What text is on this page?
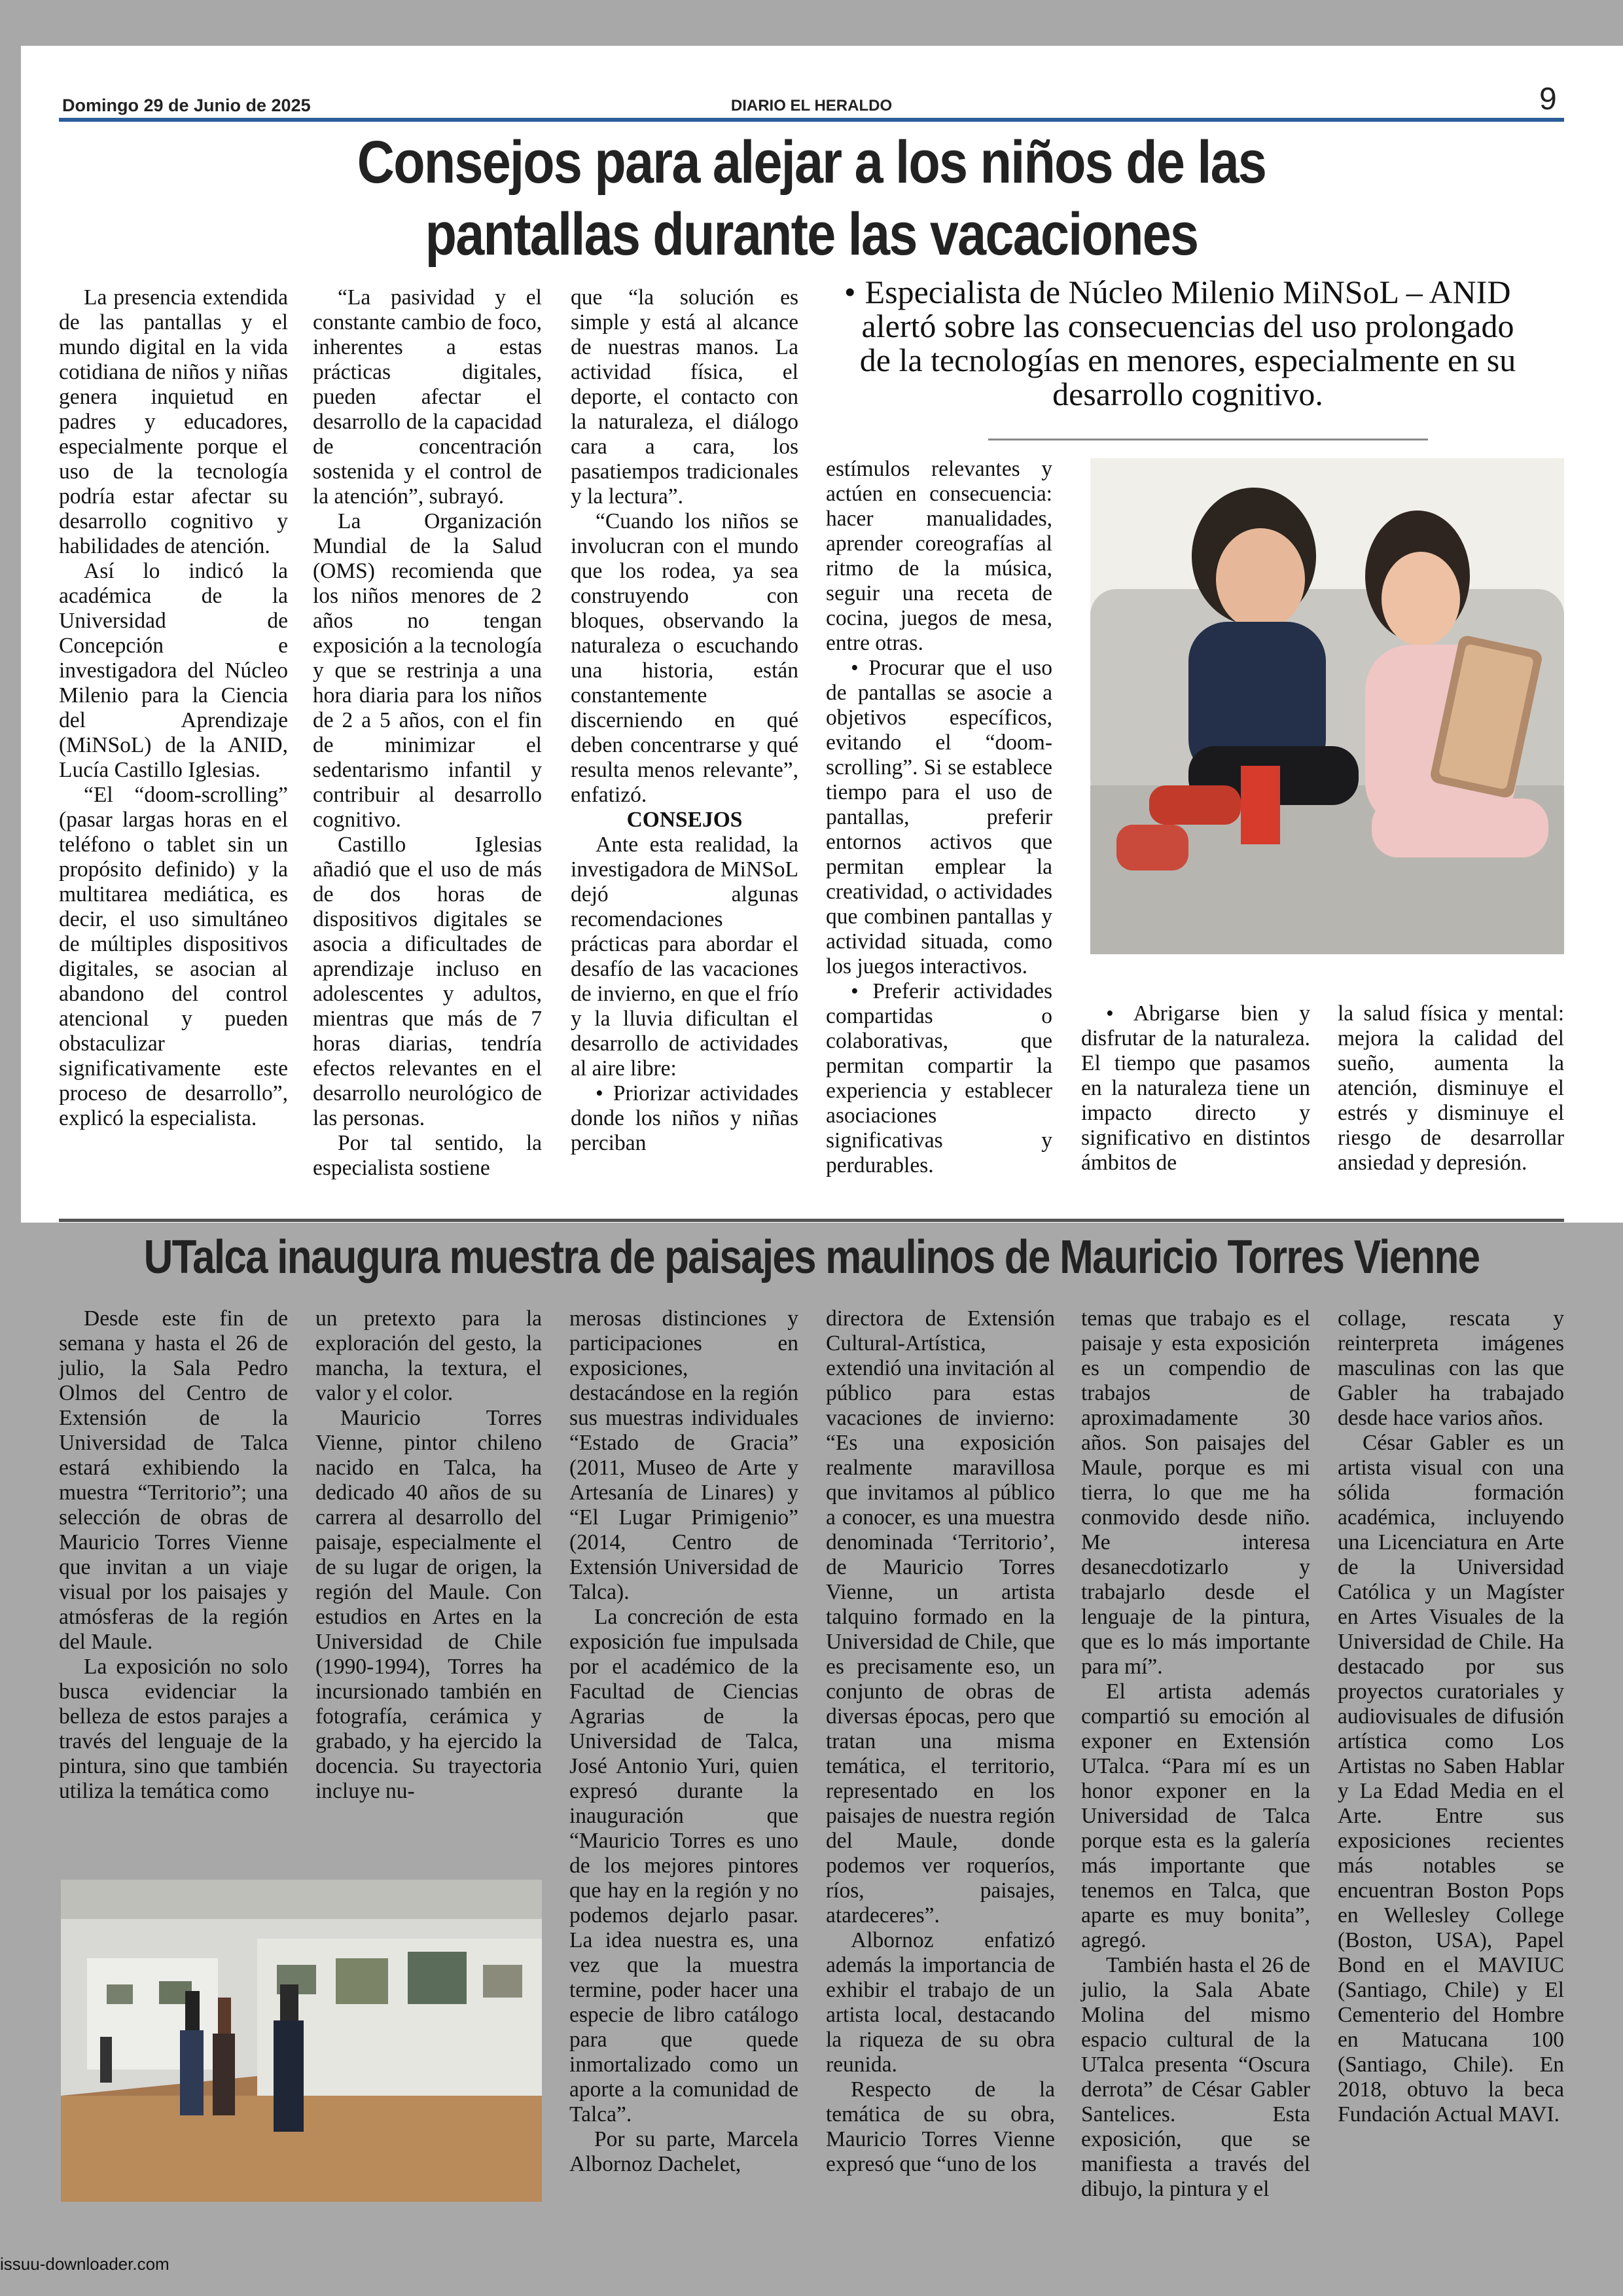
Domingo 29 de Junio de 2025	DIARIO EL HERALDO	9
Consejos para alejar a los niños de las
pantallas durante las vacaciones

La presencia extendida de las pantallas y el mundo digital en la vida cotidiana de niños y niñas genera inquietud en padres y educadores, especialmente porque el uso de la tecnología podría estar afectar su desarrollo cognitivo y habilidades de atención.

Así lo indicó la académica de la Universidad de Concepción e investigadora del Núcleo Milenio para la Ciencia del Aprendizaje (MiNSoL) de la ANID, Lucía Castillo Iglesias.

“El “doom-scrolling” (pasar largas horas en el teléfono o tablet sin un propósito definido) y la multitarea mediática, es decir, el uso simultáneo de múltiples dispositivos digitales, se asocian al abandono del control atencional y pueden obstaculizar significativamente este proceso de desarrollo”, explicó la especialista.

“La pasividad y el constante cambio de foco, inherentes a estas prácticas digitales, pueden afectar el desarrollo de la capacidad de concentración sostenida y el control de la atención”, subrayó.

La Organización Mundial de la Salud (OMS) recomienda que los niños menores de 2 años no tengan exposición a la tecnología y que se restrinja a una hora diaria para los niños de 2 a 5 años, con el fin de minimizar el sedentarismo infantil y contribuir al desarrollo cognitivo.

Castillo Iglesias añadió que el uso de más de dos horas de dispositivos digitales se asocia a dificultades de aprendizaje incluso en adolescentes y adultos, mientras que más de 7 horas diarias, tendría efectos relevantes en el desarrollo neurológico de las personas.

Por tal sentido, la especialista sostiene

que “la solución es simple y está al alcance de nuestras manos. La actividad física, el deporte, el contacto con la naturaleza, el diálogo cara a cara, los pasatiempos tradicionales y la lectura”.

“Cuando los niños se involucran con el mundo que los rodea, ya sea construyendo con bloques, observando la naturaleza o escuchando una historia, están constantemente discerniendo en qué deben concentrarse y qué resulta menos relevante”, enfatizó.

CONSEJOS

Ante esta realidad, la investigadora de MiNSoL dejó algunas recomendaciones prácticas para abordar el desafío de las vacaciones de invierno, en que el frío y la lluvia dificultan el desarrollo de actividades al aire libre:

• Priorizar actividades donde los niños y niñas perciban

• Especialista de Núcleo Milenio MiNSoL – ANID alertó sobre las consecuencias del uso prolongado de la tecnologías en menores, especialmente en su desarrollo cognitivo.

estímulos relevantes y actúen en consecuencia: hacer manualidades, aprender coreografías al ritmo de la música, seguir una receta de cocina, juegos de mesa, entre otras.

• Procurar que el uso de pantallas se asocie a objetivos específicos, evitando el “doom-scrolling”. Si se establece tiempo para el uso de pantallas, preferir entornos activos que permitan emplear la creatividad, o actividades que combinen pantallas y actividad situada, como los juegos interactivos.

• Preferir actividades compartidas o colaborativas, que permitan compartir la experiencia y establecer asociaciones significativas y perdurables.

• Abrigarse bien y disfrutar de la naturaleza. El tiempo que pasamos en la naturaleza tiene un impacto directo y significativo en distintos ámbitos de

la salud física y mental: mejora la calidad del sueño, aumenta la atención, disminuye el estrés y disminuye el riesgo de desarrollar ansiedad y depresión.

UTalca inaugura muestra de paisajes maulinos de Mauricio Torres Vienne

Desde este fin de semana y hasta el 26 de julio, la Sala Pedro Olmos del Centro de Extensión de la Universidad de Talca estará exhibiendo la muestra “Territorio”; una selección de obras de Mauricio Torres Vienne que invitan a un viaje visual por los paisajes y atmósferas de la región del Maule.

La exposición no solo busca evidenciar la belleza de estos parajes a través del lenguaje de la pintura, sino que también utiliza la temática como

un pretexto para la exploración del gesto, la mancha, la textura, el valor y el color.

Mauricio Torres Vienne, pintor chileno nacido en Talca, ha dedicado 40 años de su carrera al desarrollo del paisaje, especialmente el de su lugar de origen, la región del Maule. Con estudios en Artes en la Universidad de Chile (1990-1994), Torres ha incursionado también en fotografía, cerámica y grabado, y ha ejercido la docencia. Su trayectoria incluye nu-

merosas distinciones y participaciones en exposiciones, destacándose en la región sus muestras individuales “Estado de Gracia” (2011, Museo de Arte y Artesanía de Linares) y “El Lugar Primigenio” (2014, Centro de Extensión Universidad de Talca).

La concreción de esta exposición fue impulsada por el académico de la Facultad de Ciencias Agrarias de la Universidad de Talca, José Antonio Yuri, quien expresó durante la inauguración que “Mauricio Torres es uno de los mejores pintores que hay en la región y no podemos dejarlo pasar. La idea nuestra es, una vez que la muestra termine, poder hacer una especie de libro catálogo para que quede inmortalizado como un aporte a la comunidad de Talca”.

Por su parte, Marcela Albornoz Dachelet,

directora de Extensión Cultural-Artística, extendió una invitación al público para estas vacaciones de invierno: “Es una exposición realmente maravillosa que invitamos al público a conocer, es una muestra denominada ‘Territorio’, de Mauricio Torres Vienne, un artista talquino formado en la Universidad de Chile, que es precisamente eso, un conjunto de obras de diversas épocas, pero que tratan una misma temática, el territorio, representado en los paisajes de nuestra región del Maule, donde podemos ver roqueríos, ríos, paisajes, atardeceres”.

Albornoz enfatizó además la importancia de exhibir el trabajo de un artista local, destacando la riqueza de su obra reunida.

Respecto de la temática de su obra, Mauricio Torres Vienne expresó que “uno de los

temas que trabajo es el paisaje y esta exposición es un compendio de trabajos de aproximadamente 30 años. Son paisajes del Maule, porque es mi tierra, lo que me ha conmovido desde niño. Me interesa desanecdotizarlo y trabajarlo desde el lenguaje de la pintura, que es lo más importante para mí”.

El artista además compartió su emoción al exponer en Extensión UTalca. “Para mí es un honor exponer en la Universidad de Talca porque esta es la galería más importante que tenemos en Talca, que aparte es muy bonita”, agregó.

También hasta el 26 de julio, la Sala Abate Molina del mismo espacio cultural de la UTalca presenta “Oscura derrota” de César Gabler Santelices. Esta exposición, que se manifiesta a través del dibujo, la pintura y el

collage, rescata y reinterpreta imágenes masculinas con las que Gabler ha trabajado desde hace varios años.

César Gabler es un artista visual con una sólida formación académica, incluyendo una Licenciatura en Arte de la Universidad Católica y un Magíster en Artes Visuales de la Universidad de Chile. Ha destacado por sus proyectos curatoriales y audiovisuales de difusión artística como Los Artistas no Saben Hablar y La Edad Media en el Arte. Entre sus exposiciones recientes más notables se encuentran Boston Pops en Wellesley College (Boston, USA), Papel Bond en el MAVIUC (Santiago, Chile) y El Cementerio del Hombre en Matucana 100 (Santiago, Chile). En 2018, obtuvo la beca Fundación Actual MAVI.

issuu-downloader.com
